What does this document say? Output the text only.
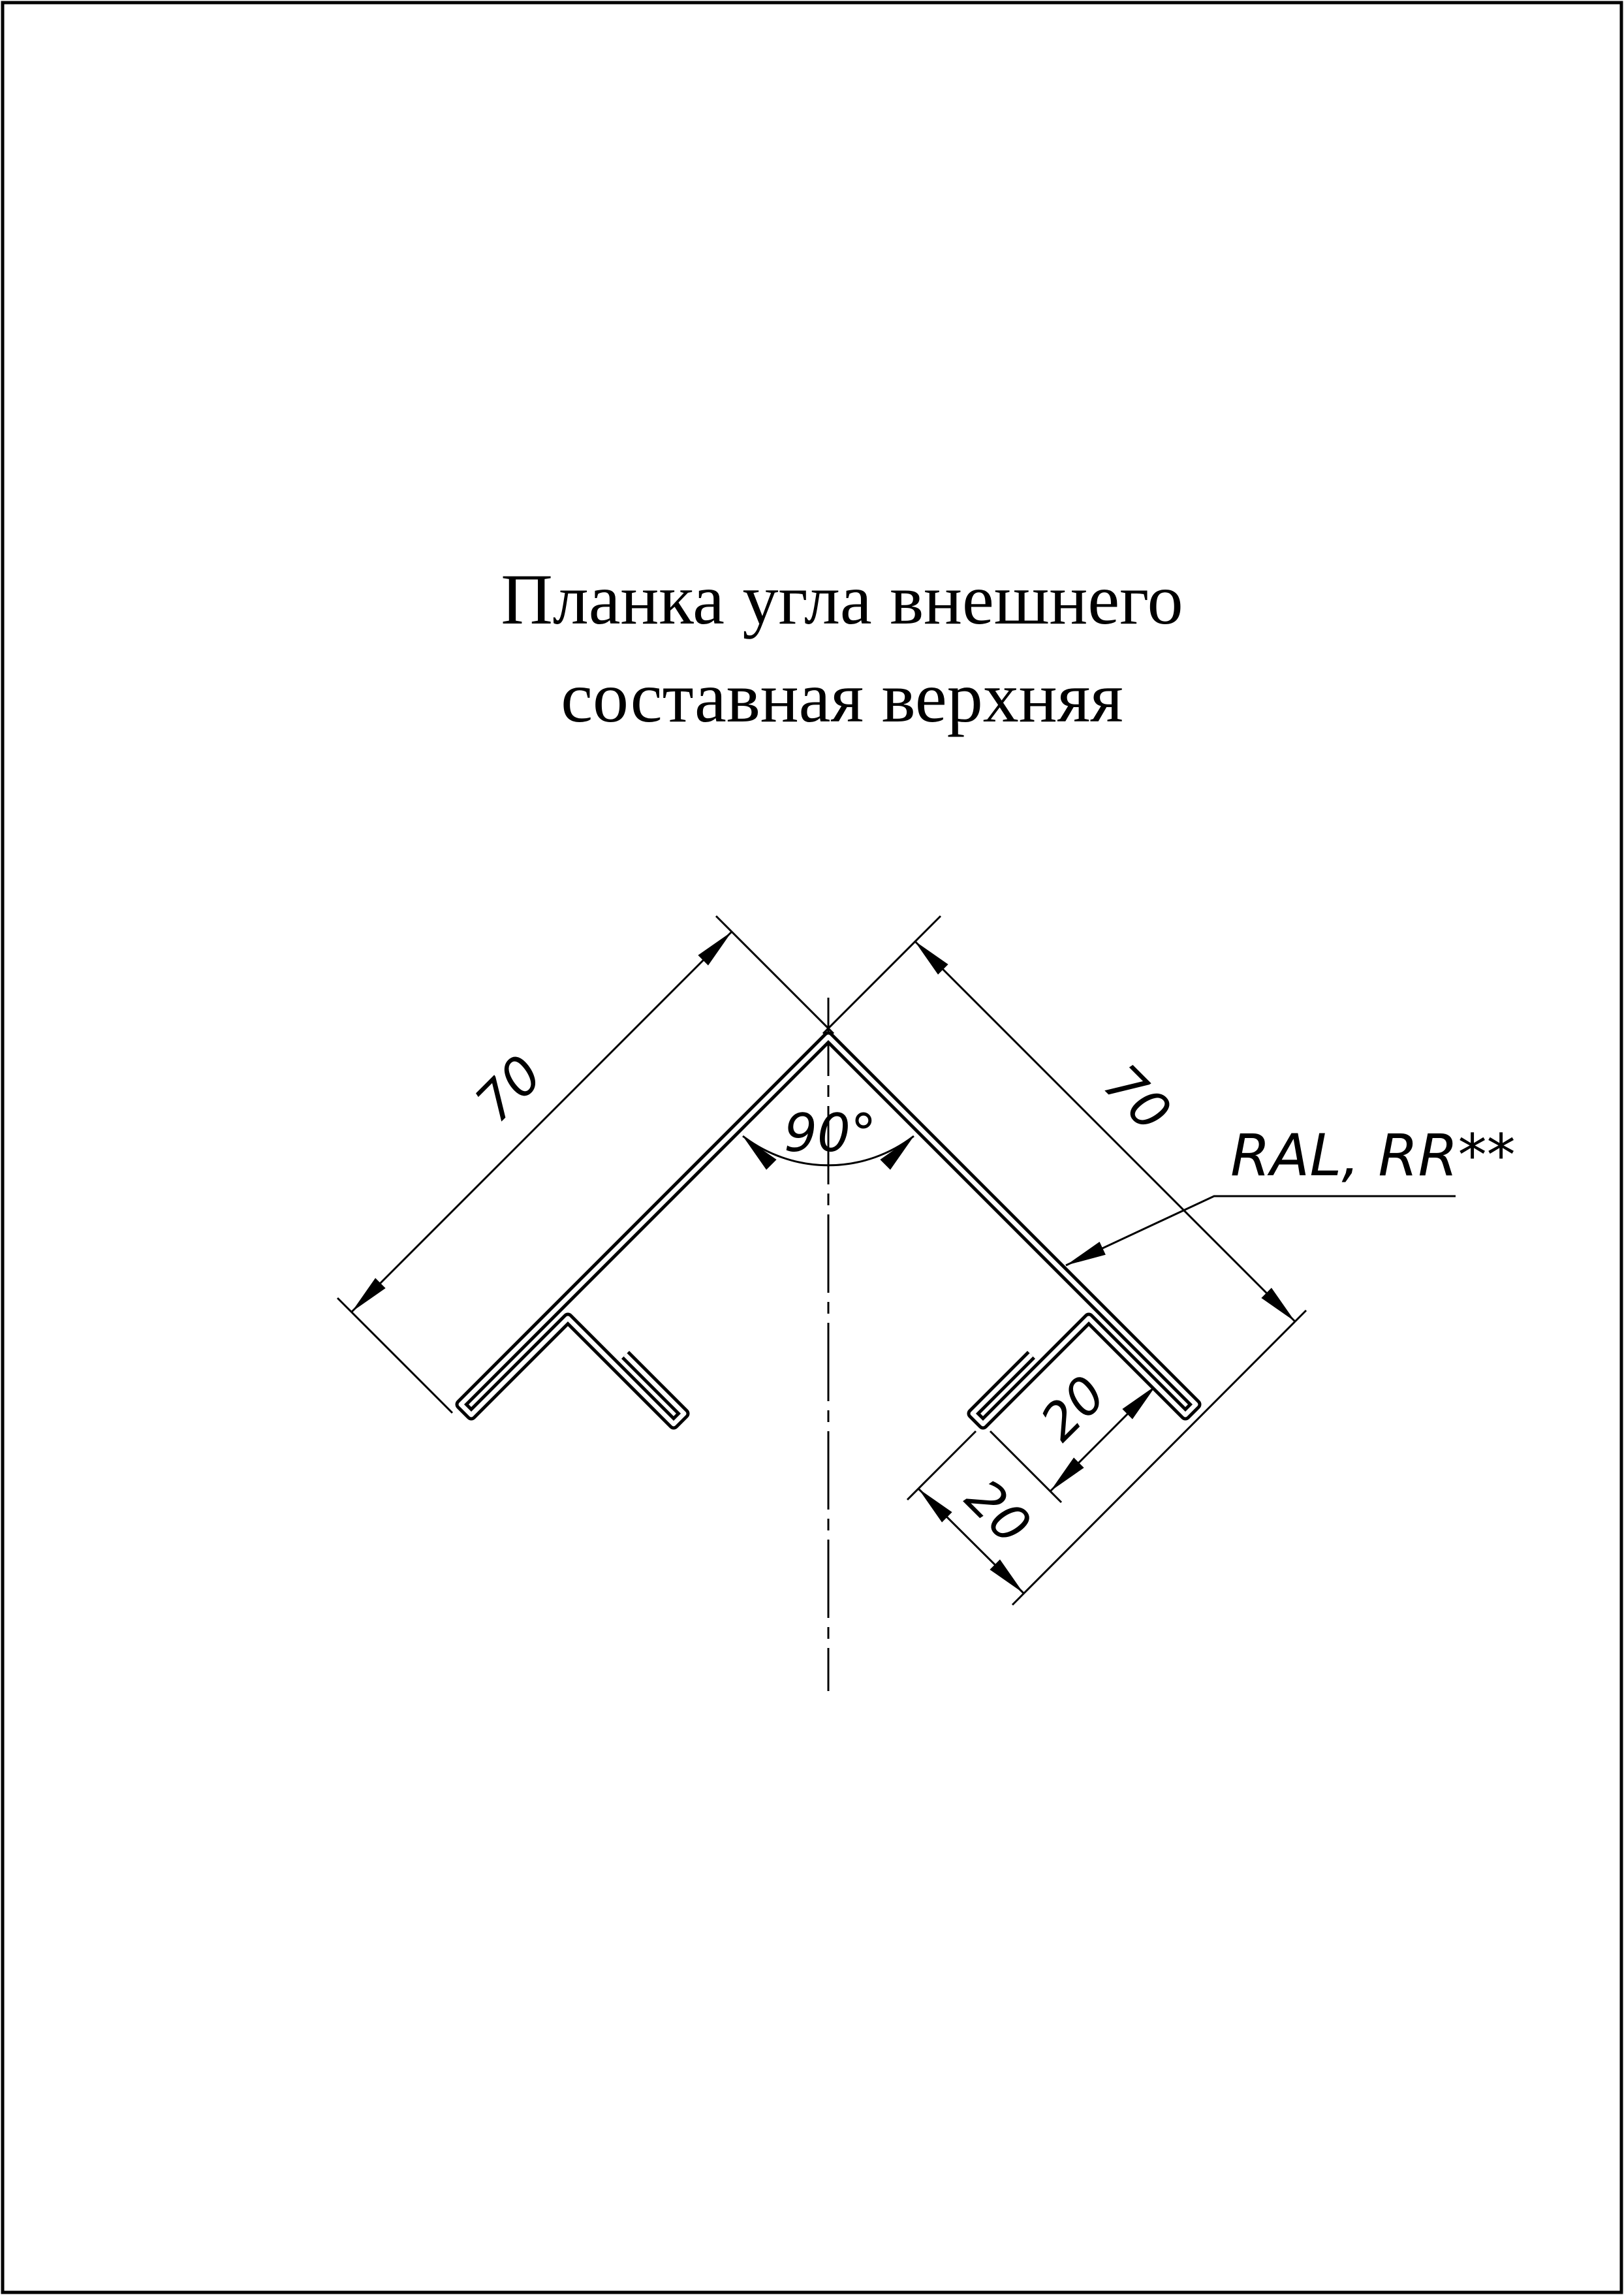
Планка угла внешнего
составная верхняя
70	70
90°
20
20
RAL, RR**
